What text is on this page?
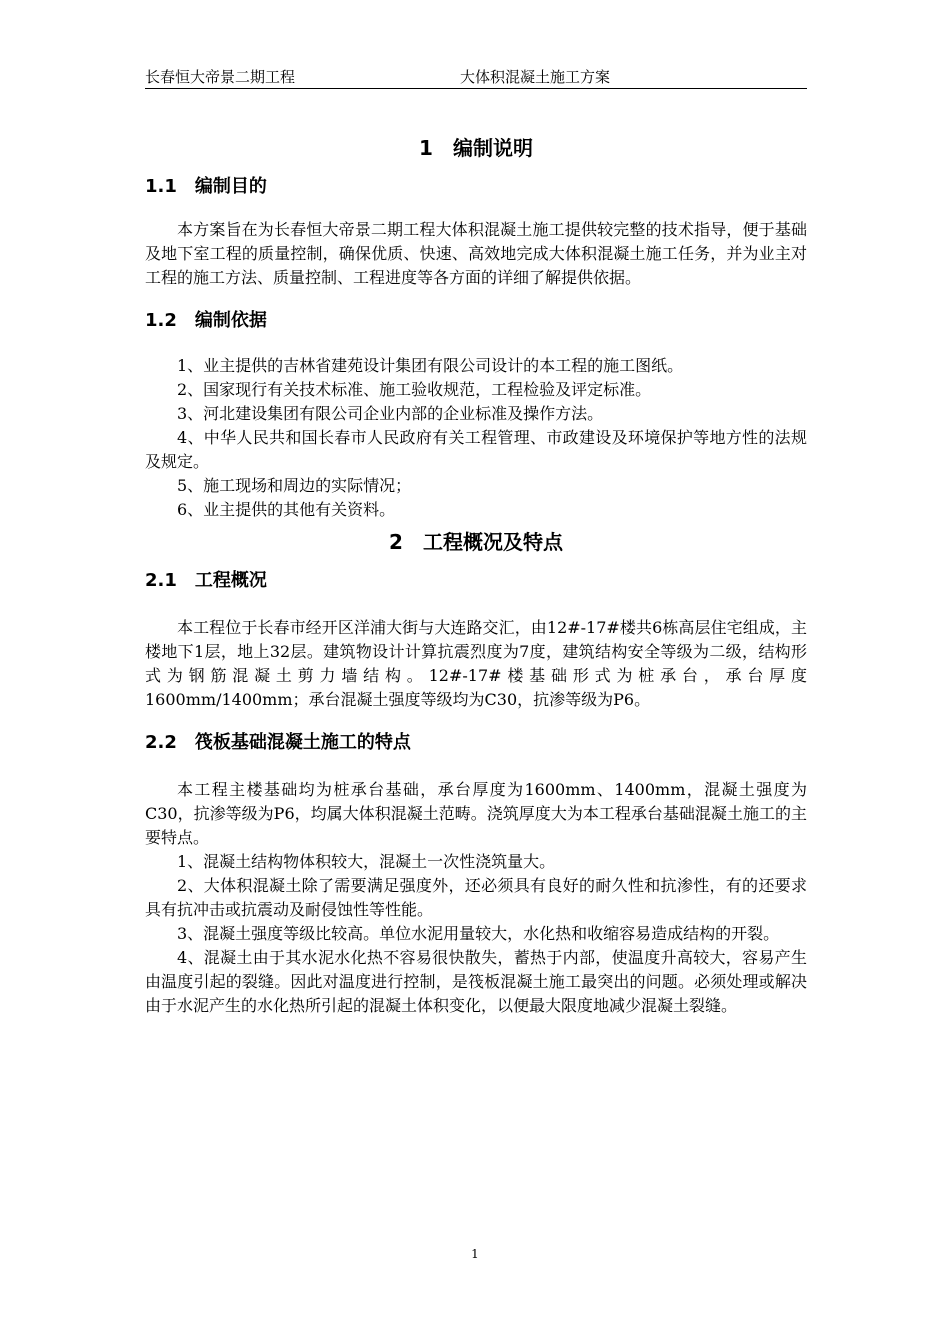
长春恒大帝景二期工程	大体积混凝土施工方案
1　编制说明
1.1　编制目的

本方案旨在为长春恒大帝景二期工程大体积混凝土施工提供较完整的技术指导，便于基础及地下室工程的质量控制，确保优质、快速、高效地完成大体积混凝土施工任务，并为业主对工程的施工方法、质量控制、工程进度等各方面的详细了解提供依据。

1.2　编制依据

1、业主提供的吉林省建苑设计集团有限公司设计的本工程的施工图纸。

2、国家现行有关技术标准、施工验收规范，工程检验及评定标准。

3、河北建设集团有限公司企业内部的企业标准及操作方法。

4、中华人民共和国长春市人民政府有关工程管理、市政建设及环境保护等地方性的法规及规定。

5、施工现场和周边的实际情况；

6、业主提供的其他有关资料。

2　工程概况及特点
2.1　工程概况

本工程位于长春市经开区洋浦大街与大连路交汇，由12#-17#楼共6栋高层住宅组成，主楼地下1层，地上32层。建筑物设计计算抗震烈度为7度，建筑结构安全等级为二级，结构形式为钢筋混凝土剪力墙结构。12#-17#楼基础形式为桩承台，承台厚度1600mm/1400mm；承台混凝土强度等级均为C30，抗渗等级为P6。

2.2　筏板基础混凝土施工的特点

本工程主楼基础均为桩承台基础，承台厚度为1600mm、1400mm，混凝土强度为C30，抗渗等级为P6，均属大体积混凝土范畴。浇筑厚度大为本工程承台基础混凝土施工的主要特点。

1、混凝土结构物体积较大，混凝土一次性浇筑量大。

2、大体积混凝土除了需要满足强度外，还必须具有良好的耐久性和抗渗性，有的还要求具有抗冲击或抗震动及耐侵蚀性等性能。

3、混凝土强度等级比较高。单位水泥用量较大，水化热和收缩容易造成结构的开裂。

4、混凝土由于其水泥水化热不容易很快散失，蓄热于内部，使温度升高较大，容易产生由温度引起的裂缝。因此对温度进行控制，是筏板混凝土施工最突出的问题。必须处理或解决由于水泥产生的水化热所引起的混凝土体积变化，以便最大限度地减少混凝土裂缝。

1
